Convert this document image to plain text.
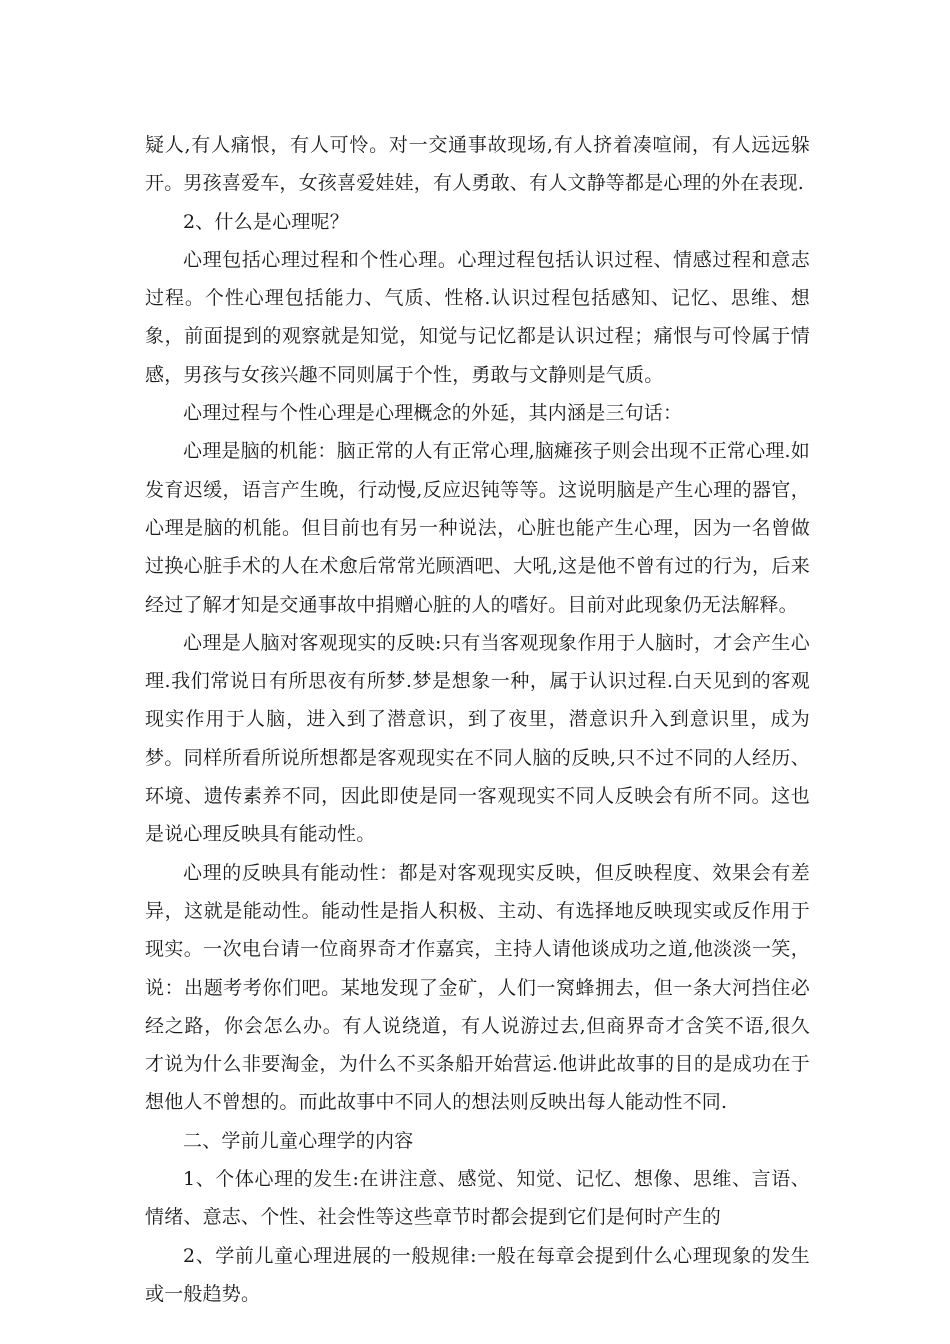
疑人,有人痛恨，有人可怜。对一交通事故现场,有人挤着凑喧闹，有人远远躲开。男孩喜爱车，女孩喜爱娃娃，有人勇敢、有人文静等都是心理的外在表现.

2、什么是心理呢？

心理包括心理过程和个性心理。心理过程包括认识过程、情感过程和意志过程。个性心理包括能力、气质、性格.认识过程包括感知、记忆、思维、想象，前面提到的观察就是知觉，知觉与记忆都是认识过程；痛恨与可怜属于情感，男孩与女孩兴趣不同则属于个性，勇敢与文静则是气质。

心理过程与个性心理是心理概念的外延，其内涵是三句话：

心理是脑的机能：脑正常的人有正常心理,脑瘫孩子则会出现不正常心理.如发育迟缓，语言产生晚，行动慢,反应迟钝等等。这说明脑是产生心理的器官，心理是脑的机能。但目前也有另一种说法，心脏也能产生心理，因为一名曾做过换心脏手术的人在术愈后常常光顾酒吧、大吼,这是他不曾有过的行为，后来经过了解才知是交通事故中捐赠心脏的人的嗜好。目前对此现象仍无法解释。

心理是人脑对客观现实的反映:只有当客观现象作用于人脑时，才会产生心理.我们常说日有所思夜有所梦.梦是想象一种，属于认识过程.白天见到的客观现实作用于人脑，进入到了潜意识，到了夜里，潜意识升入到意识里，成为梦。同样所看所说所想都是客观现实在不同人脑的反映,只不过不同的人经历、环境、遗传素养不同，因此即使是同一客观现实不同人反映会有所不同。这也是说心理反映具有能动性。

心理的反映具有能动性：都是对客观现实反映，但反映程度、效果会有差异，这就是能动性。能动性是指人积极、主动、有选择地反映现实或反作用于现实。一次电台请一位商界奇才作嘉宾，主持人请他谈成功之道,他淡淡一笑，说：出题考考你们吧。某地发现了金矿，人们一窝蜂拥去，但一条大河挡住必经之路，你会怎么办。有人说绕道，有人说游过去,但商界奇才含笑不语,很久才说为什么非要淘金，为什么不买条船开始营运.他讲此故事的目的是成功在于想他人不曾想的。而此故事中不同人的想法则反映出每人能动性不同.

二、学前儿童心理学的内容

1、个体心理的发生:在讲注意、感觉、知觉、记忆、想像、思维、言语、情绪、意志、个性、社会性等这些章节时都会提到它们是何时产生的

2、学前儿童心理进展的一般规律:一般在每章会提到什么心理现象的发生或一般趋势。
